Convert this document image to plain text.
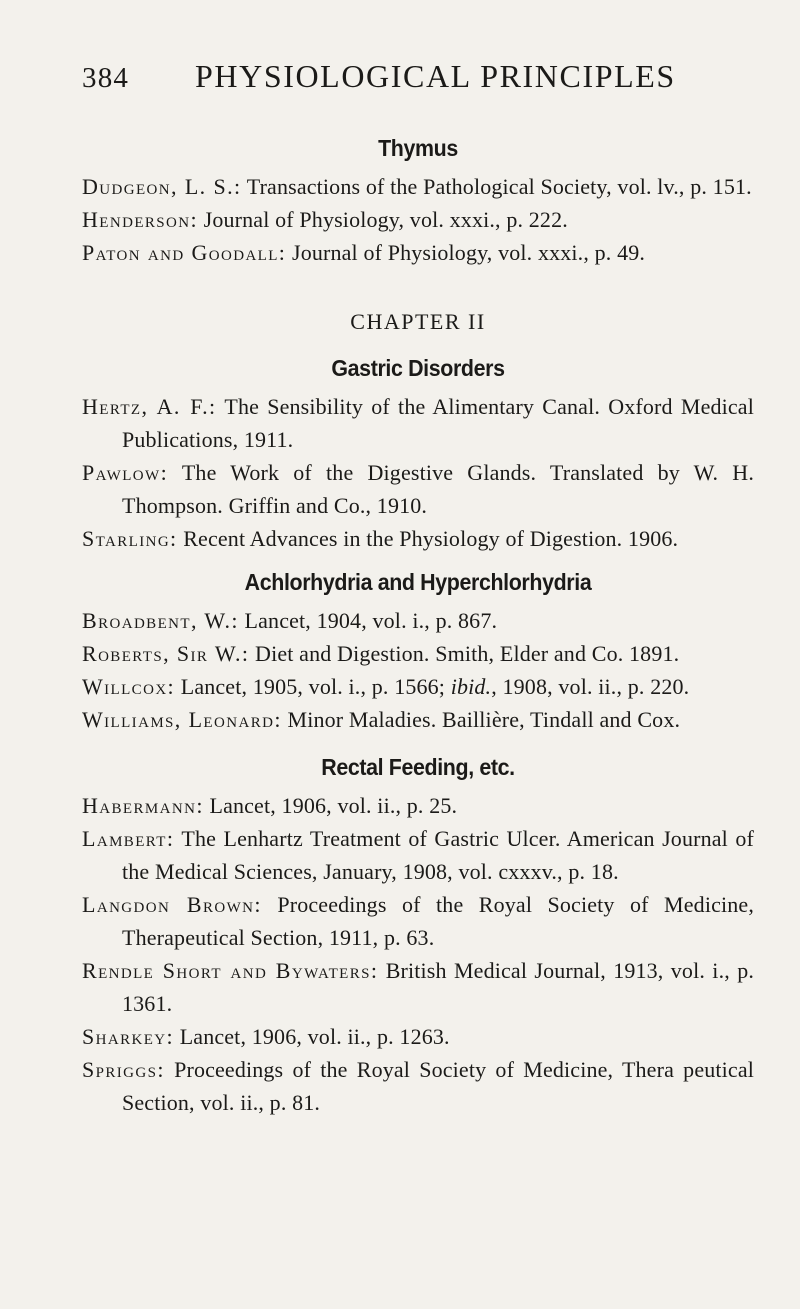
384	PHYSIOLOGICAL PRINCIPLES
Thymus

Dudgeon, L. S.: Transactions of the Pathological Society, vol. lv., p. 151.

Henderson: Journal of Physiology, vol. xxxi., p. 222.

Paton and Goodall: Journal of Physiology, vol. xxxi., p. 49.

CHAPTER II
Gastric Disorders

Hertz, A. F.: The Sensibility of the Alimentary Canal. Oxford Medical Publications, 1911.

Pawlow: The Work of the Digestive Glands. Translated by W. H. Thompson. Griffin and Co., 1910.

Starling: Recent Advances in the Physiology of Digestion. 1906.

Achlorhydria and Hyperchlorhydria

Broadbent, W.: Lancet, 1904, vol. i., p. 867.

Roberts, Sir W.: Diet and Digestion. Smith, Elder and Co. 1891.

Willcox: Lancet, 1905, vol. i., p. 1566; ibid., 1908, vol. ii., p. 220.

Williams, Leonard: Minor Maladies. Baillière, Tindall and Cox.

Rectal Feeding, etc.

Habermann: Lancet, 1906, vol. ii., p. 25.

Lambert: The Lenhartz Treatment of Gastric Ulcer. American Journal of the Medical Sciences, January, 1908, vol. cxxxv., p. 18.

Langdon Brown: Proceedings of the Royal Society of Medicine, Therapeutical Section, 1911, p. 63.

Rendle Short and Bywaters: British Medical Journal, 1913, vol. i., p. 1361.

Sharkey: Lancet, 1906, vol. ii., p. 1263.

Spriggs: Proceedings of the Royal Society of Medicine, Thera peutical Section, vol. ii., p. 81.
